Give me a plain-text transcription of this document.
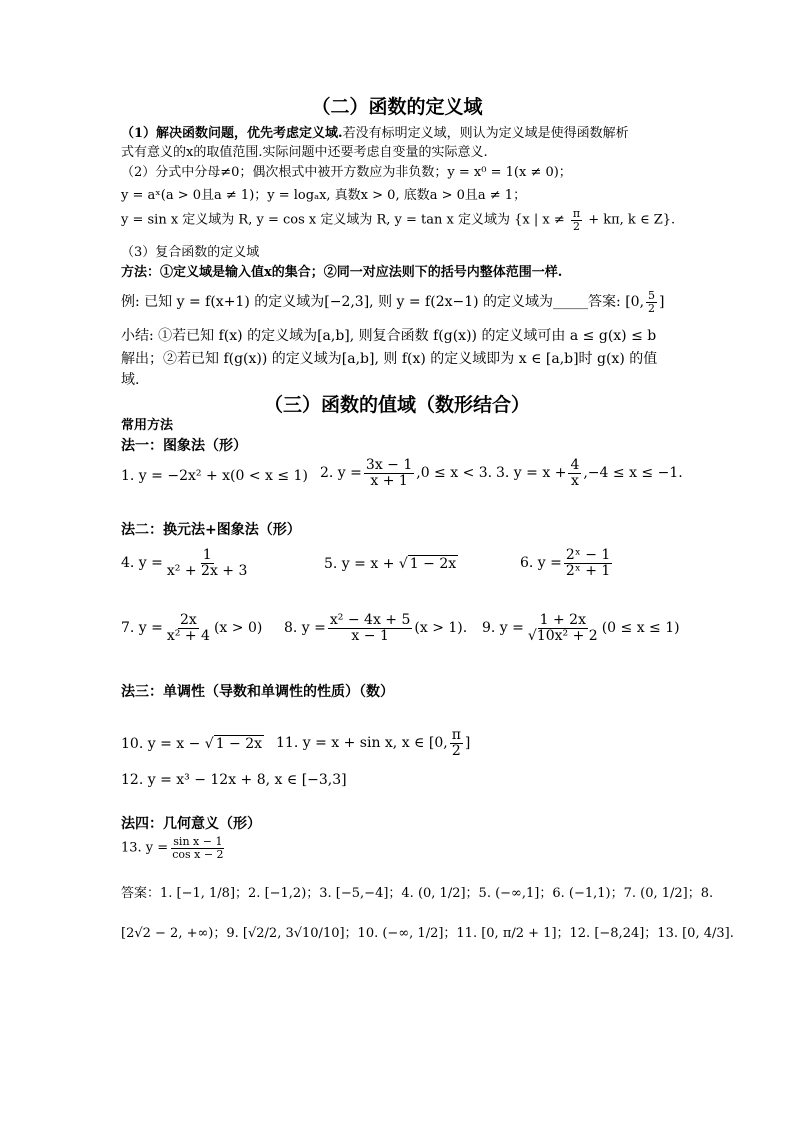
（二）函数的定义域
（1）解决函数问题，优先考虑定义域.若没有标明定义域，则认为定义域是使得函数解析
式有意义的x的取值范围.实际问题中还要考虑自变量的实际意义.
（2）分式中分母≠0；偶次根式中被开方数应为非负数；y = x⁰ = 1(x ≠ 0)；
y = aˣ(a > 0且a ≠ 1)；y = logₐx, 真数x > 0, 底数a > 0且a ≠ 1；
y = sin x 定义域为 R, y = cos x 定义域为 R, y = tan x 定义域为 {x | $x \ne \frac{\pi}{2} + k\pi$, k ∈ Z}.
（3）复合函数的定义域
方法：①定义域是输入值x的集合；②同一对应法则下的括号内整体范围一样.
例: 已知 y = f(x+1) 的定义域为[−2,3], 则 y = f(2x−1) 的定义域为_____答案: [0, $\frac{5}{2}$ ]
小结: ①若已知 f(x) 的定义域为[a,b], 则复合函数 f(g(x)) 的定义域可由 a ≤ g(x) ≤ b
解出；②若已知 f(g(x)) 的定义域为[a,b], 则 f(x) 的定义域即为 x ∈ [a,b]时 g(x) 的值
域.
（三）函数的值域（数形结合）
常用方法
法一：图象法（形）
1. y = −2x² + x(0 < x ≤ 1) 2. $y = \frac{3x - 1}{x + 1} ,0 \le x < 3$. 3. $y = x + \frac{4}{x} ,-4 \le x \le -1$.
法二：换元法+图象法（形）
4. $y = \frac{1}{\text{x² + 2x + 3}}$	5. y = x + √ 1 − 2x	6. $y = \frac{\text{2ˣ − 1}}{\text{2ˣ + 1}}$
7. $y = \frac{2x}{\text{x² + 4}} (x > 0)$ 8. $y = \frac{\text{x² − 4x + 5}}{x - 1} (x > 1)$. 9. $y = \frac{1 + 2x}{\text{√10x² + 2}} (0 \le x \le 1)$
法三：单调性（导数和单调性的性质）（数）
10. y = x − √ 1 − 2x 11. y = x + sin x, x ∈ [0, $\frac{\pi}{2}$ ]
12. y = x³ − 12x + 8, x ∈ [−3,3]
法四：几何意义（形）
13. $y = \frac{\text{sin x − 1}}{\text{cos x − 2}}$
答案：1. [−1, 1/8]；2. [−1,2)；3. [−5,−4]；4. (0, 1/2]；5. (−∞,1]；6. (−1,1)；7. (0, 1/2]；8.
[2√2 − 2, +∞)；9. [√2/2, 3√10/10]；10. (−∞, 1/2]；11. [0, π/2 + 1]；12. [−8,24]；13. [0, 4/3].
